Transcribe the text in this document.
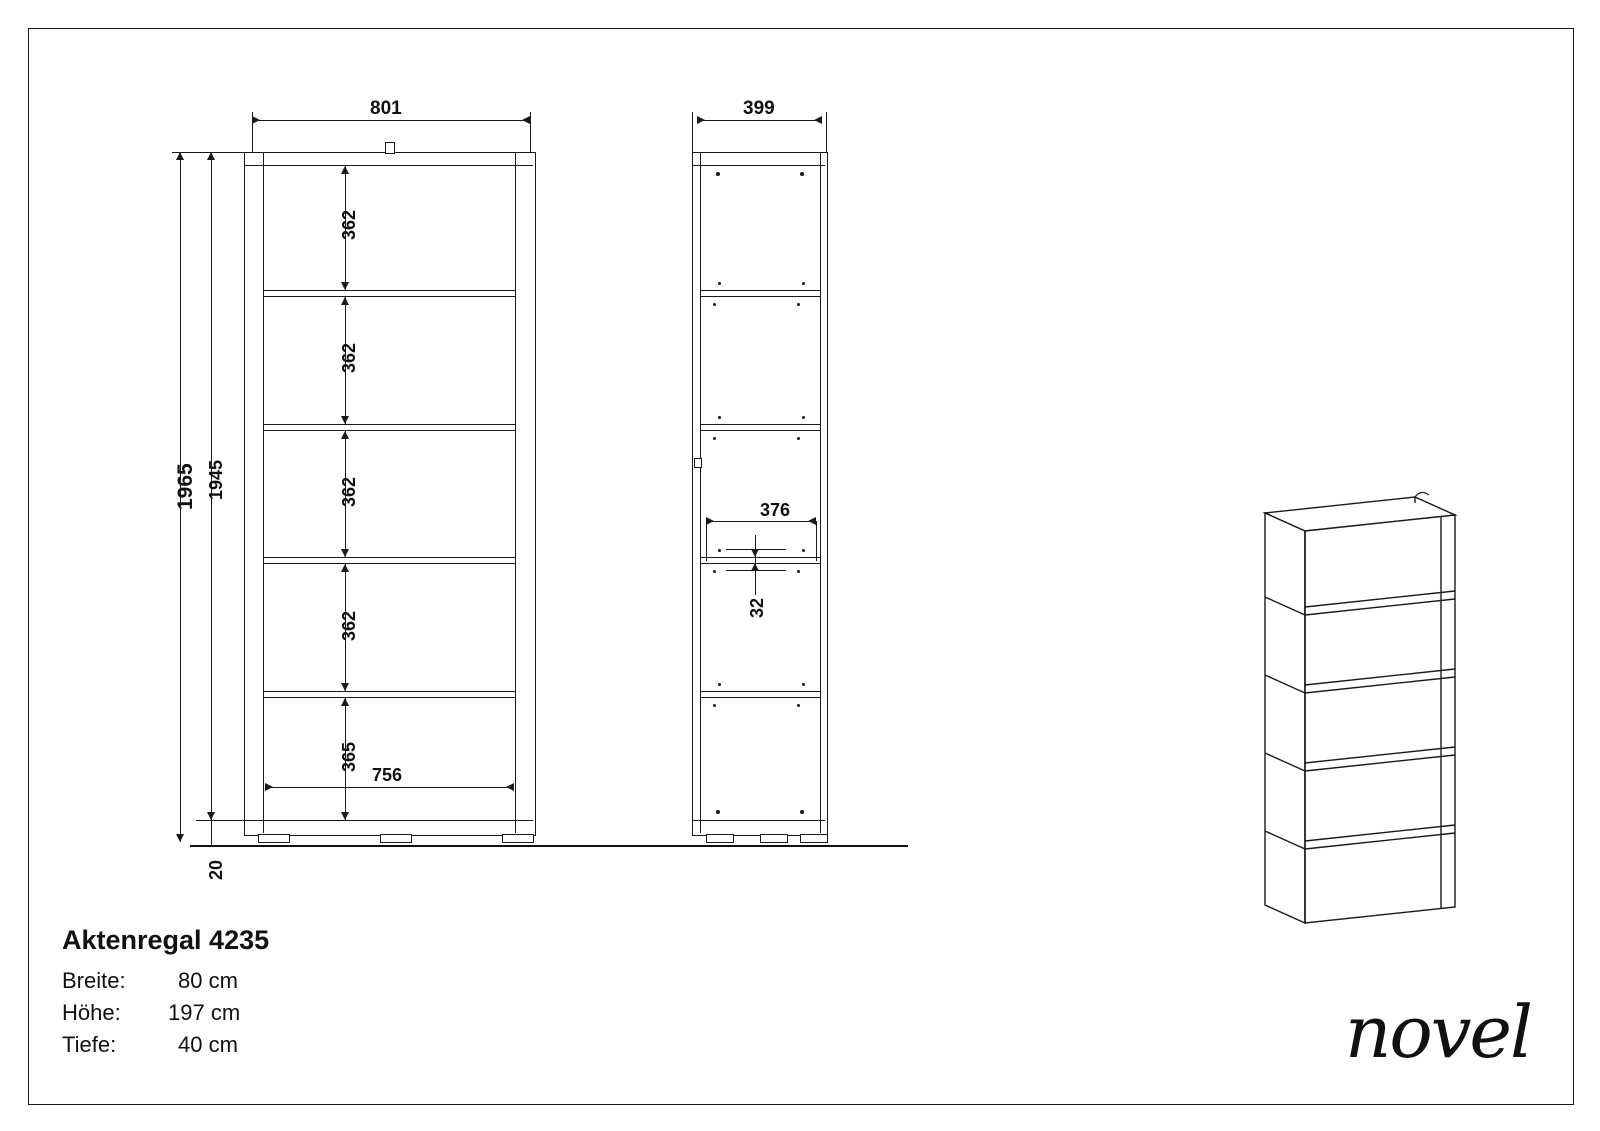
801
1965 1945
20
362
362
362
362
365
756
399
376
32
Aktenregal 4235
Breite: 80 cm
Höhe: 197 cm
Tiefe:	40 cm	novel
